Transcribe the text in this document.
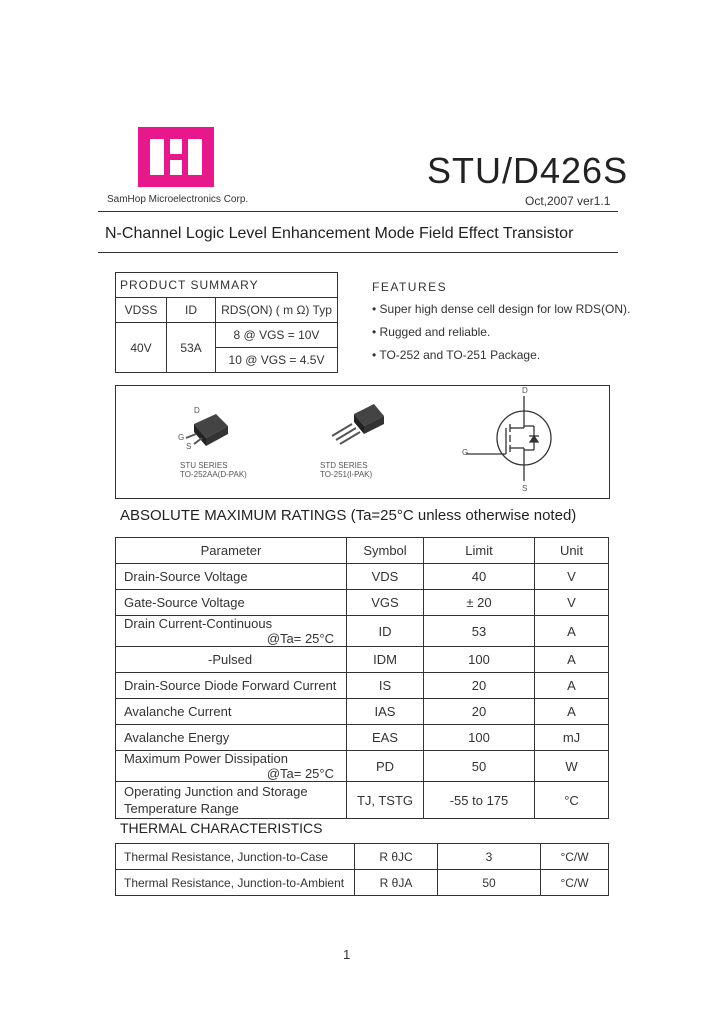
SamHop Microelectronics Corp.
STU/D426S
Oct,2007 ver1.1
N-Channel Logic Level Enhancement Mode Field Effect Transistor
PRODUCT SUMMARY		
VDSS	ID	RDS(ON) ( m Ω) Typ
40V	53A	8 @ VGS = 10V
		10 @ VGS = 4.5V
FEATURES
• Super high dense cell design for low RDS(ON).
• Rugged and reliable.
• TO-252 and TO-251 Package.
D
G
S
STU SERIES
TO-252AA(D-PAK)
STD SERIES
TO-251(l-PAK)
D
G
S
ABSOLUTE MAXIMUM RATINGS (Ta=25°C unless otherwise noted)
Parameter	Symbol	Limit	Unit
Drain-Source Voltage	VDS	40	V
Gate-Source Voltage	VGS	± 20	V
Drain Current-Continuous
@Ta= 25°C	ID	53	A
-Pulsed	IDM	100	A
Drain-Source Diode Forward Current	IS	20	A
Avalanche Current	IAS	20	A
Avalanche Energy	EAS	100	mJ
Maximum Power Dissipation
@Ta= 25°C	PD	50	W
Operating Junction and Storage
Temperature Range	TJ, TSTG	-55 to 175	°C
THERMAL CHARACTERISTICS
Thermal Resistance, Junction-to-Case	R θJC	3	°C/W
Thermal Resistance, Junction-to-Ambient	R θJA	50	°C/W
1
